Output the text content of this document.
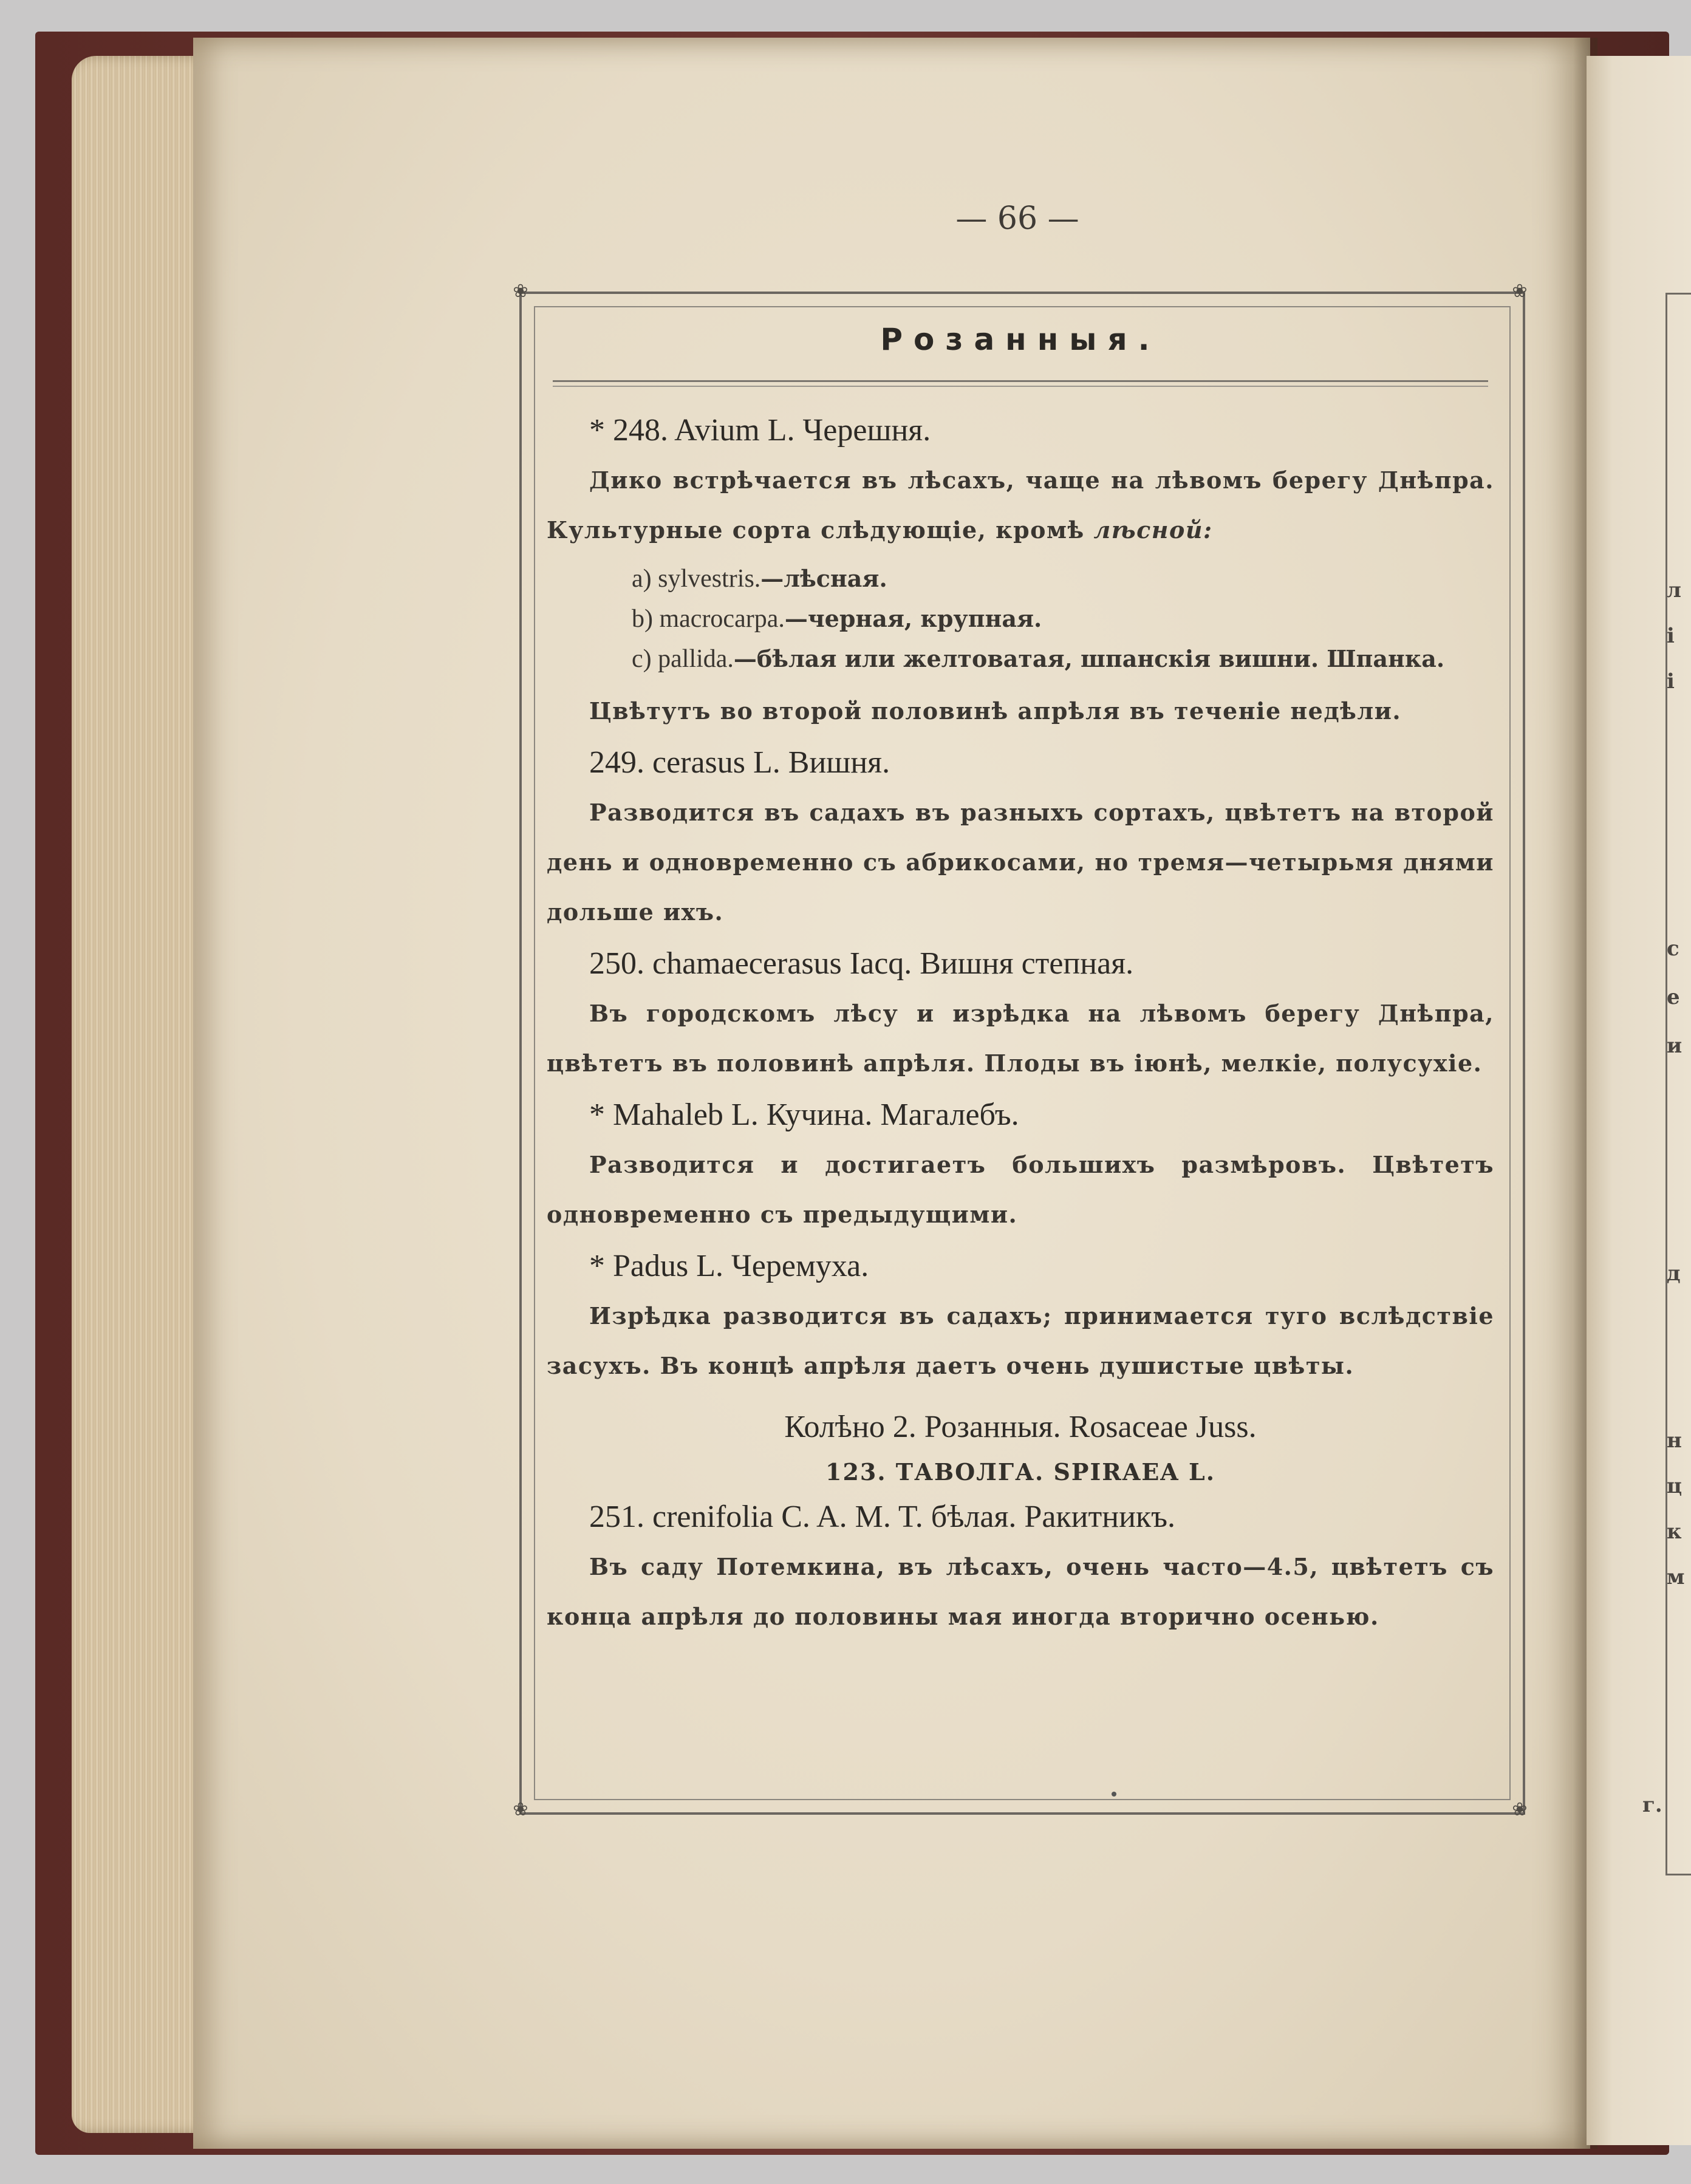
л
і
і
с
е
и
д
н
ц
к
м
г.
— 66 —
❀	❀
❀	❀
Розанныя.
* 248. Avium L. Черешня.
Дико встрѣчается въ лѣсахъ, чаще на лѣвомъ берегу Днѣпра. Культурные сорта слѣдующіе, кромѣ лѣсной:
a) sylvestris.—лѣсная.
b) macrocarpa.—черная, крупная.
c) pallida.—бѣлая или желтоватая, шпанскія вишни. Шпанка.
Цвѣтутъ во второй половинѣ апрѣля въ теченіе недѣли.
249. cerasus L. Вишня.
Разводится въ садахъ въ разныхъ сортахъ, цвѣтетъ на второй день и одновременно съ абрикосами, но тремя—четырьмя днями дольше ихъ.
250. chamaecerasus Iacq. Вишня степная.
Въ городскомъ лѣсу и изрѣдка на лѣвомъ берегу Днѣпра, цвѣтетъ въ половинѣ апрѣля. Плоды въ іюнѣ, мелкіе, полусухіе.
* Mahaleb L. Кучина. Магалебъ.
Разводится и достигаетъ большихъ размѣровъ. Цвѣтетъ одновременно съ предыдущими.
* Padus L. Черемуха.
Изрѣдка разводится въ садахъ; принимается туго вслѣдствіе засухъ. Въ концѣ апрѣля даетъ очень душистые цвѣты.
Колѣно 2. Розанныя. Rosaceae Juss.
123. ТАВОЛГА. SPIRAEA L.
251. crenifolia C. A. M. T. бѣлая. Ракитникъ.
Въ саду Потемкина, въ лѣсахъ, очень часто—4.5, цвѣтетъ съ конца апрѣля до половины мая иногда вторично осенью.
